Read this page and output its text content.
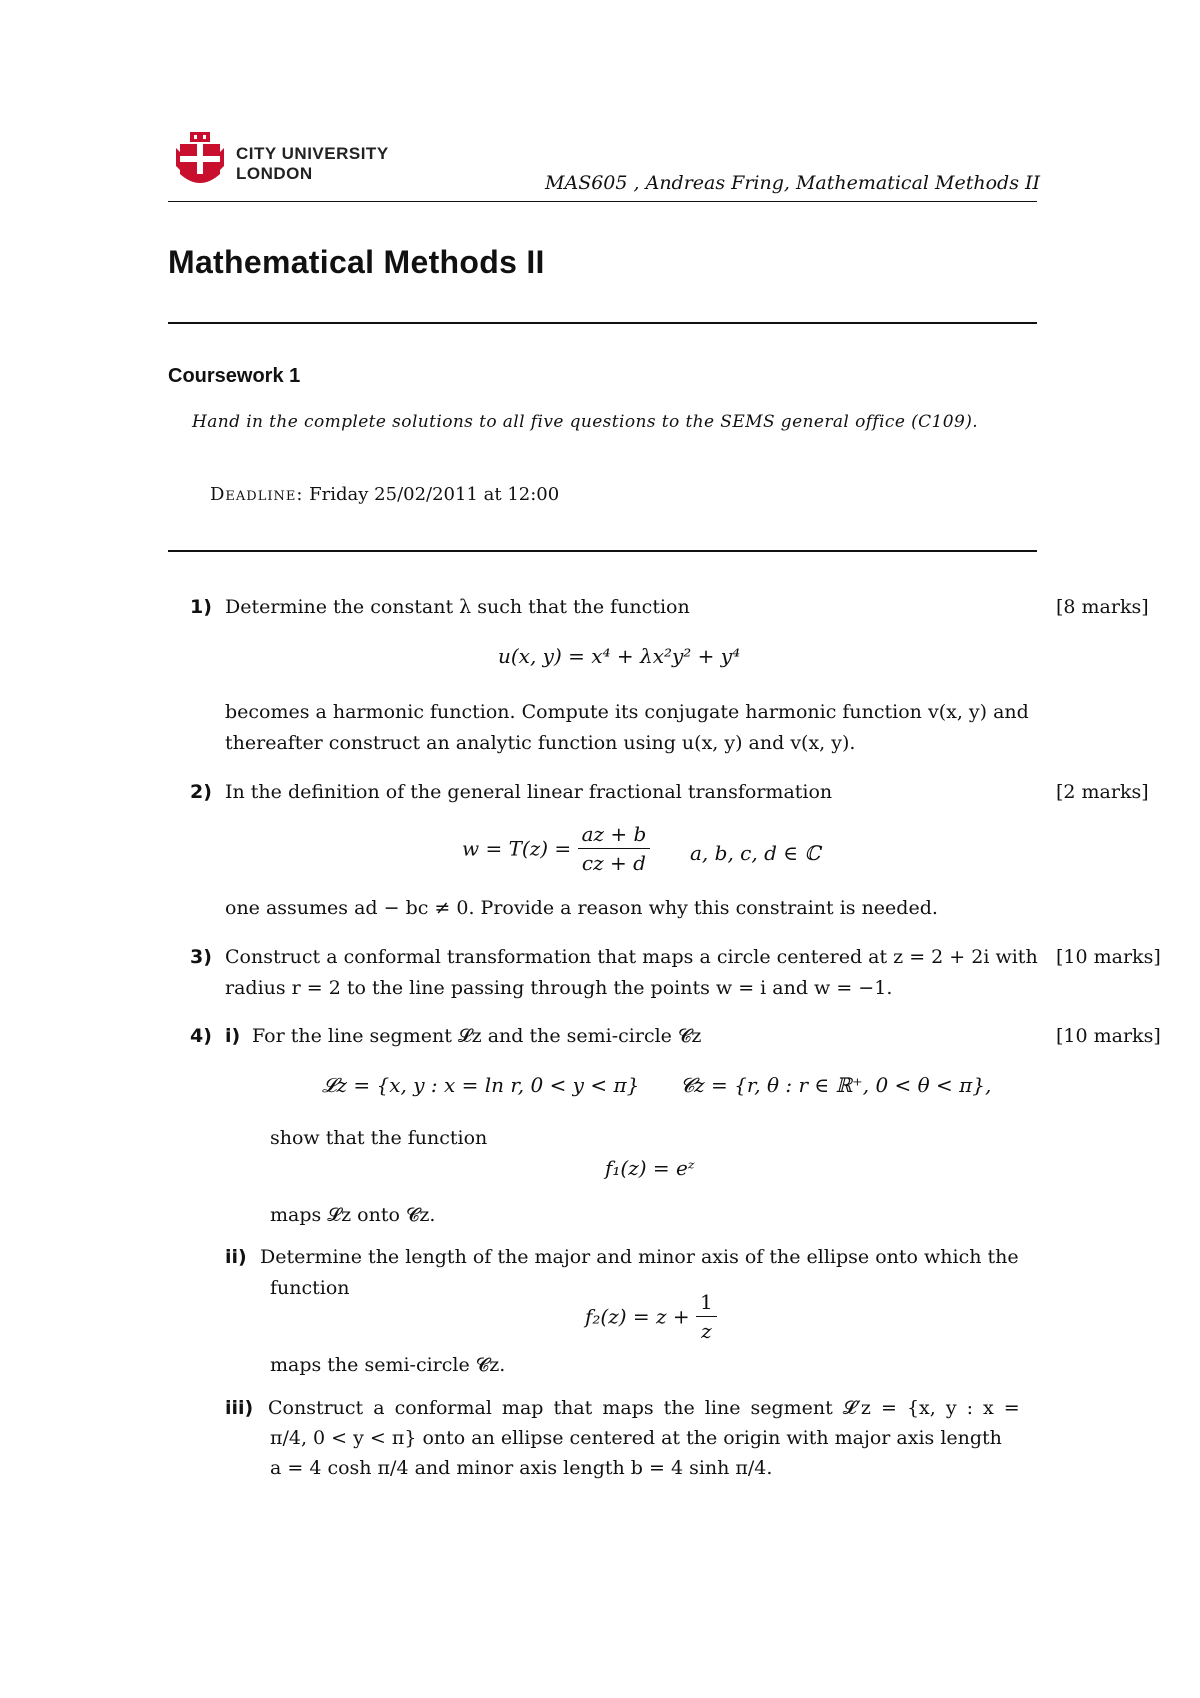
CITY UNIVERSITY
LONDON	MAS605 , Andreas Fring, Mathematical Methods II
Mathematical Methods II
Coursework 1
Hand in the complete solutions to all five questions to the SEMS general office (C109).
Deadline: Friday 25/02/2011 at 12:00
1) Determine the constant λ such that the function	[8 marks]
u(x, y) = x⁴ + λx²y² + y⁴
becomes a harmonic function. Compute its conjugate harmonic function v(x, y) and
thereafter construct an analytic function using u(x, y) and v(x, y).
2) In the definition of the general linear fractional transformation	[2 marks]
$w = T(z) = \frac{az + b}{cz + d} a$, b, c, d ∈ ℂ
one assumes ad − bc ≠ 0. Provide a reason why this constraint is needed.
3) Construct a conformal transformation that maps a circle centered at z = 2 + 2i with [10 marks]
radius r = 2 to the line passing through the points w = i and w = −1.
4) i) For the line segment 𝓛z and the semi-circle 𝓒z	[10 marks]
𝓛z = {x, y : x = ln r, 0 < y < π} 𝓒z = {r, θ : r ∈ ℝ⁺, 0 < θ < π},
show that the function
f₁(z) = eᶻ
maps 𝓛z onto 𝓒z.
ii) Determine the length of the major and minor axis of the ellipse onto which the
function
$f_2(z) = z + \frac{1}{z}$
maps the semi-circle 𝓒z.
iii) Construct a conformal map that maps the line segment 𝓛′z = {x, y : x =
π/4, 0 < y < π} onto an ellipse centered at the origin with major axis length
a = 4 cosh π/4 and minor axis length b = 4 sinh π/4.
